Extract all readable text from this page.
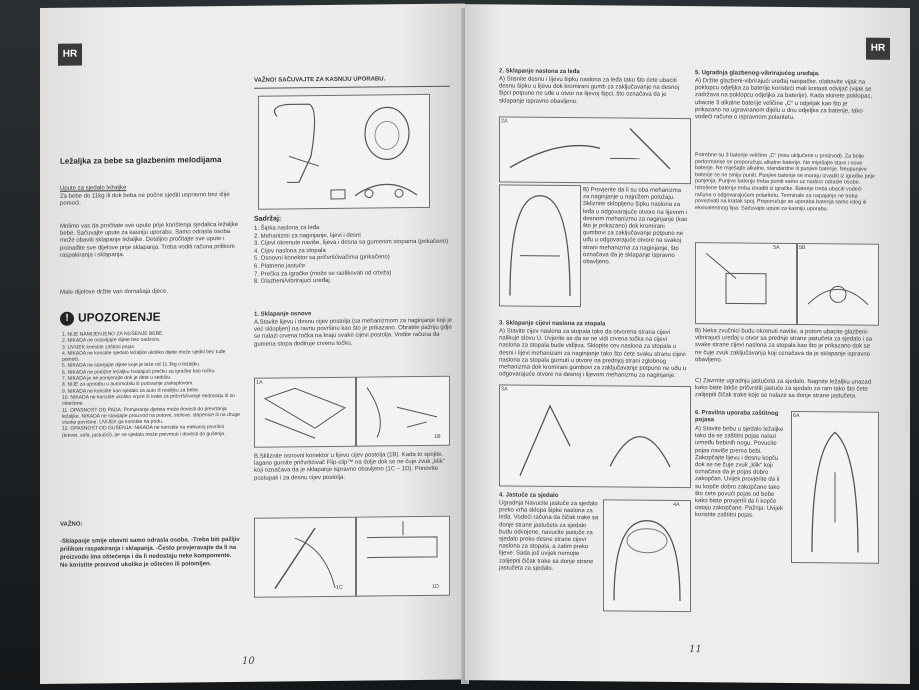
HR
Ležaljka za bebe sa glazbenim melodijama
Upute za sjedalo ležaljke
Za bebe do 11kg ili dok beba ne počne sjediti uspravno bez ičije pomoći.
Molimo vas da pročitate sve upute prije korištenja sjedalica ležaljke bebe. Sačuvajte upute za kasniju uporabu. Samo odrasla osoba može obaviti sklapanje ležaljke. Detaljno pročitajte sve upute i pronađite sve dijelove prije sklapanja. Treba voditi računa prilikom raspakiranja i sklapanja.
Male dijelove držite van domašaja djece.
! UPOZORENJE
1. NIJE NAMIJENJENO ZA NOŠENJE BEBE.
2. NIKADA ne ostavljajte dijete bez nadzora.
3. UVIJEK koristite zaštitni pojas.
4. NIKADA ne koristite sjedalo ležaljke ukoliko dijete može sjediti bez tuđe pomoći.
5. NIKADA ne stavljajte dijete koje je teže od 11.3kg u ležaljku.
6. NIKADA ne podižite ležaljku hvatajući prečku za igračke kao ručku.
7. NIKADA je ne pomjerajte dok je dete u sedištu.
8. NIJE za uporabu u automobilu ili putovanje zrakoplovom.
9. NIKADA ne koristite kao sjedalo za auto ili nosiljku za bebe.
10. NIKADA ne koristite ukoliko vrpce ili trake za pričvršćivanje nedostaju ili su oštećene.
11. OPASNOST OD PADA: Pomjeranje djeteta može dovesti do prevrtanja ležaljke. NIKADA ne stavljajte proizvod na potove, stolove, stepenice ili na druge visoke površine. UVIJEK ga koristite na podu.
12. OPASNOST OD GUŠENJA: NIKADA ne koristite na mekanoj površini (krevet, sofa, jastučići), jer se sjedalo može prevrnuti i dovesti do gušenja.
VAŽNO:
-Sklapanje smije obaviti samo odrasla osoba. -Treba biti pažljiv prilikom raspakiranja i sklapanja. -Često provjeravajte da li na proizvodu ima oštećenja i da li nedostaju neke komponente. Ne koristite proizvod ukoliko je oštećen ili polomljen.
VAŽNO! SAČUVAJTE ZA KASNIJU UPORABU.
Sadržaj:
1. Šipka naslona za leđa
2. Mehanizmi za naginjanje, lijevi i desni
3. Cijevi okrenute naviše, lijeva i desna sa gumenim stopama (prikačeno)
4. Cijev naslona za stopala
5. Osnovni konektor sa pričvršćivačima (prikačeno)
6. Platneno jastuče
7. Prečka za igračke (može se razlikovati od crteža)
8. Glazbeni/vibrirajući uređaj
1. Sklapanje osnove
A.Stavite lijevu i desnu cijev postolja (sa mehanizmom za naginjanje koji je već sklopljen) na ravnu površinu kao što je prikazano. Obratite pažnju gdje se nalazi crvena točka na kraju svake cijevi postolja. Vodite računa da gumena stopa dodiruje crvenu točku.
1A
1B
B.Skliznite osnovni konektor u lijevu cijev postolja (1B). Kada to spojite, lagano gurnite pričvršćivač Flip-clip™ na dolje dok se ne čuje zvuk „klik“ koji označava da je sklapanje ispravno obavljeno (1C – 1D). Ponovite postupak i za desnu cijev postolja.
1C	1D
10
HR
2. Sklapanje naslona za leđa
A) Stisnite desnu i lijevu šipku naslona za leđa tako što ćete ubaciti desnu šipku u lijevu dok kromirani gumb za zaključavanje na desnoj šipci potpuno ne uđe u otvor na lijevoj šipci, što označava da je sklapanje ispravno obavljeno.
2A
B) Provjerite da li su oba mehanizma za naginjanje u najnižem položaju. Skliznite sklopljenu šipku naslona za leđa u odgovarajuće otvore na lijevom i desnom mehanizmu za naginjanje (kao što je prikazano) dok kromirani gumbovi za zaključavanje potpuno ne uđu u odgovarajuće otvore na svakoj strani mehanizma za naginjanje, što označava da je sklapanje ispravno obavljeno.
3. Sklapanje cijevi naslona za stopala
A) Stavite cijev naslona za stopala tako da otvorena strana cijevi nalikuje slovu U. Uvjerite se da se ne vidi crvena točka na cijevi naslona za stopala bude vidljiva. Sklopite cev naslona za stopala u desni i lijevi mehanizam za naginjanje tako što ćete svaku stranu cijevi naslona za stopala gurnuti u otvore na prednjoj strani zglobnog mehanizma dok kromirani gumbovi za zaključavanje potpuno ne uđu u odgovarajuće otvore na desnoj i lijevom mehanizmu za naginjanje.
3A
4. Jastuče za sjedalo
Ugradnja Navucite jastuče za sjedalo preko vrha sklopa šipke naslona za leđa. Vodeći računa da čičak trake sa donje strane jastučeta za sjedalo budu odvojene, navucite jastuče za sjedalo preko desne strane cijevi naslona za stopala, a zatim preko lijeve. Sada još uvijek nemojte zalijepiti čičak trake sa donje strane jastučeta za sjedalo.
4A
11
5. Ugradnja glazbenog-vibrirajućeg uređaja.
A) Držite glazbeni-vibrirajući uređaj naopačke, olabavite vijak na poklopcu odjeljka za baterije koristeći mali krstasti odvijač (vijak se zadržava na poklopcu odjeljka za baterije). Kada skinete poklopac, ubacite 3 alkalne baterije veličine „C“ u odjeljak kao što je prikazano na ugraviranom dijelu u dnu odjeljka za baterije, tako vodeći računa o ispravnom polaritetu.
Potrebne su 3 baterije veličine „C“ (nisu uključene u proizvod). Za bolje performanse se preporučuju alkalne baterije. Ne miješajte stare i nove baterije. Ne miješajte alkalne, standardne ili punjive baterije. Neupunjive baterije se ne smiju puniti. Punjive baterije se moraju izvaditi iz igračke prije punjenja. Punjive baterije treba puniti samo uz nadzor odrasle osobe. Istrošene baterije treba izvaditi iz igračke. Baterije treba ubaciti vodeći računa o odgovarajućem polaritetu. Terminale za napajanje ne treba povezivati na kratak spoj. Preporučuje se uporaba baterija samo istog ili ekvivalentnog tipa. Sačuvajte upute za kasniju uporabu.
5A	5B
B) Neka zvučnici budu okrenuti naviše, a potom ubacite glazbeni-vibrirajući uređaj u otvor sa prednje strane jastučeta za sjedalo i sa svake strane cijevi naslona za stopala kao što je prikazano dok se ne čuje zvuk zaključavanja koji označava da je sklapanje ispravno obavljeno.
C) Zavrnite ugradnju jastučeta za sjedalo. Nagnite ležaljku unazad kako biste lakše pričvrstili jastuče za sjedalo za ram tako što ćete zalijepiti čičak trake koje se nalaze sa donje strane jastučeta.
6. Pravilna uporaba zaštitnog pojasa
A) Stavite bebu u sjedalo ležaljke tako da se zaštitni pojas nalazi između bebinih nogu. Povucite pojas naviše prema bebi. Zakopčajte lijevu i desnu kopču dok se ne čuje zvuk „klik“ koji označava da je pojas dobro zakopčan. Uvijek provjerite da li su kopče dobro zakopčane tako što ćete povući pojas od bebe kako biste provjerili da li kopče ostaju zakopčane. Pažnja: Uvijek koristite zaštitni pojas.
6A
